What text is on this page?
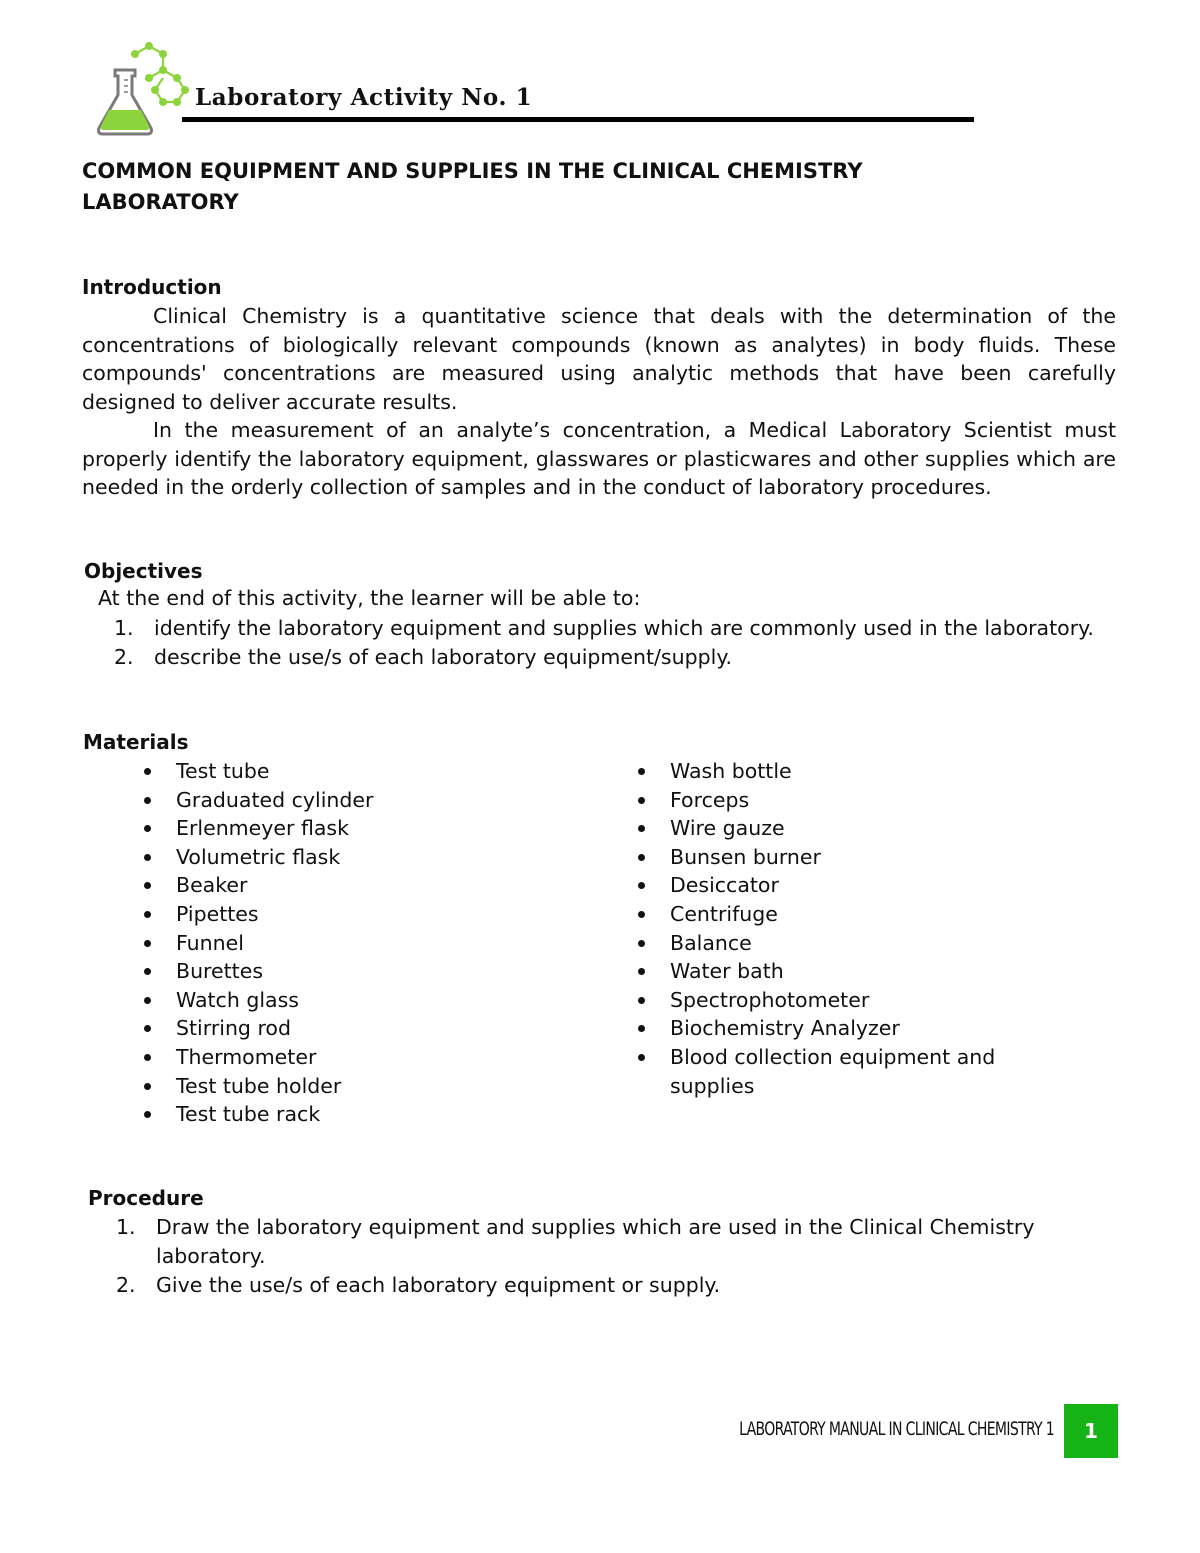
Laboratory Activity No. 1
COMMON EQUIPMENT AND SUPPLIES IN THE CLINICAL CHEMISTRY
LABORATORY
Introduction

Clinical Chemistry is a quantitative science that deals with the determination of the concentrations of biologically relevant compounds (known as analytes) in body fluids. These compounds' concentrations are measured using analytic methods that have been carefully designed to deliver accurate results.

In the measurement of an analyte’s concentration, a Medical Laboratory Scientist must properly identify the laboratory equipment, glasswares or plasticwares and other supplies which are needed in the orderly collection of samples and in the conduct of laboratory procedures.

Objectives
At the end of this activity, the learner will be able to:
1. identify the laboratory equipment and supplies which are commonly used in the laboratory.
2. describe the use/s of each laboratory equipment/supply.
Materials
Test tube
Graduated cylinder
Erlenmeyer flask
Volumetric flask
Beaker
Pipettes
Funnel
Burettes
Watch glass
Stirring rod
Thermometer
Test tube holder
Test tube rack
Wash bottle
Forceps
Wire gauze
Bunsen burner
Desiccator
Centrifuge
Balance
Water bath
Spectrophotometer
Biochemistry Analyzer
Blood collection equipment and supplies
Procedure
1. Draw the laboratory equipment and supplies which are used in the Clinical Chemistry laboratory.
2. Give the use/s of each laboratory equipment or supply.
LABORATORY MANUAL IN CLINICAL CHEMISTRY 1	1
